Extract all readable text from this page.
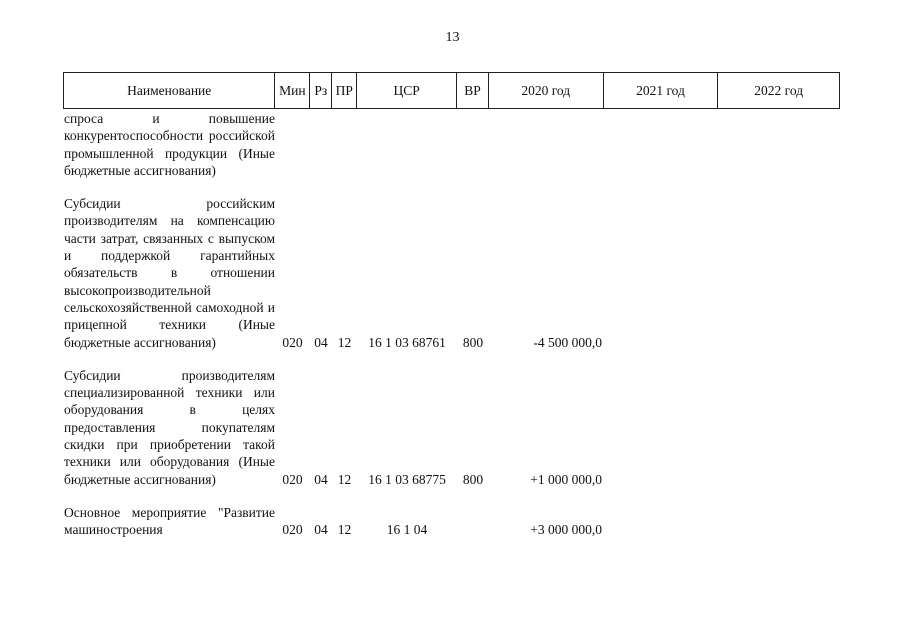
13
Наименование	Мин Рз ПР	ЦСР	ВР	2020 год	2021 год	2022 год
спроса и повышение конкурентоспособности российской промышленной продукции (Иные бюджетные ассигнования)
Субсидии российским производителям на компенсацию части затрат, связанных с выпуском и поддержкой гарантийных обязательств в отношении высокопроизводительной сельскохозяйственной самоходной и прицепной техники (Иные бюджетные ассигнования)	020 04 12	16 1 03 68761	800	-4 500 000,0
Субсидии производителям специализированной техники или оборудования в целях предоставления покупателям скидки при приобретении такой техники или оборудования (Иные бюджетные ассигнования)	020 04 12	16 1 03 68775	800	+1 000 000,0
Основное мероприятие "Развитие машиностроения	020 04 12	16 1 04	+3 000 000,0
